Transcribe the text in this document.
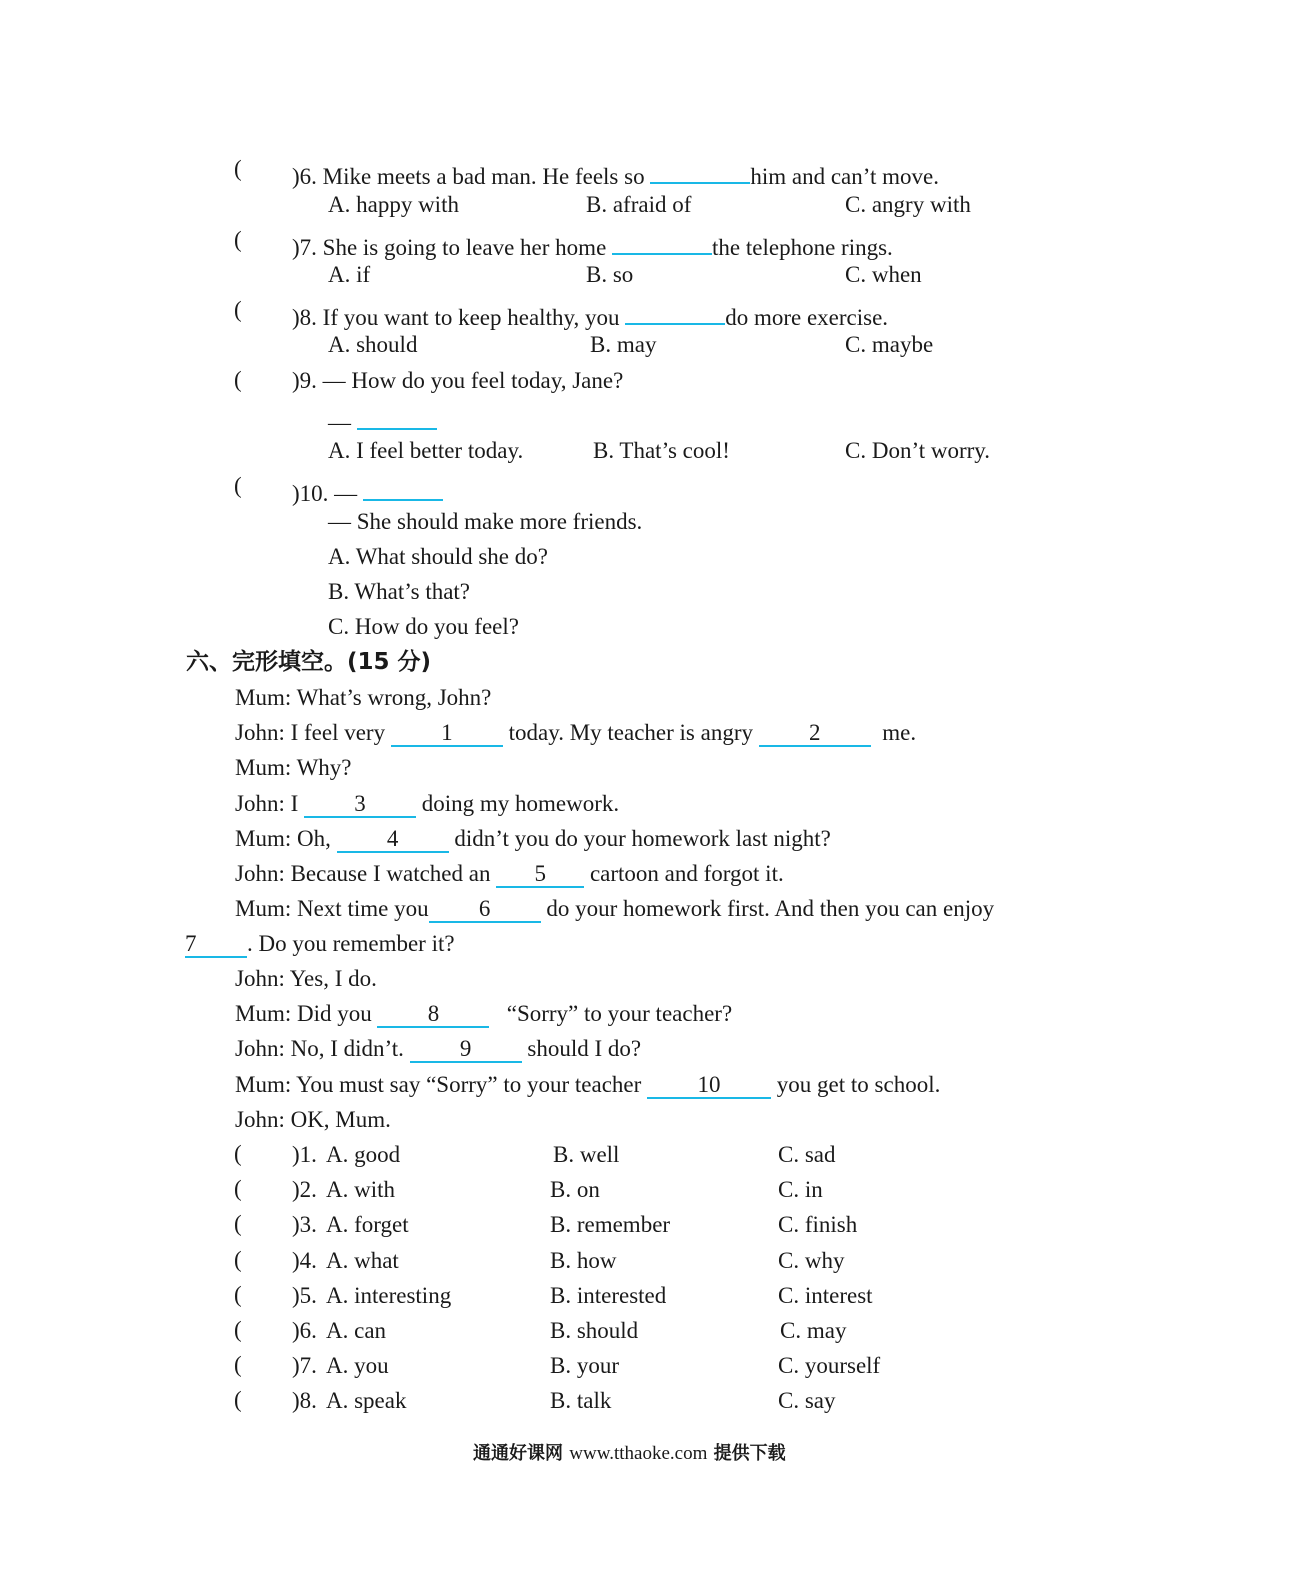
( )6. Mike meets a bad man. He feels so	him and can’t move.
A. happy with	B. afraid of	C. angry with
( )7. She is going to leave her home	the telephone rings.
A. if	B. so	C. when
( )8. If you want to keep healthy, you	do more exercise.
A. should	B. may	C. maybe
( )9. — How do you feel today, Jane?
—
A. I feel better today.	B. That’s cool!	C. Don’t worry.
( )10. —
— She should make more friends.
A. What should she do?
B. What’s that?
C. How do you feel?
六、完形填空。(15 分)
Mum: What’s wrong, John?
John: I feel very 1 today. My teacher is angry 2	me.
Mum: Why?
John: I 3 doing my homework.
Mum: Oh, 4 didn’t you do your homework last night?
John: Because I watched an 5 cartoon and forgot it.
Mum: Next time you 6 do your homework first. And then you can enjoy
7 . Do you remember it?
John: Yes, I do.
Mum: Did you 8	“Sorry” to your teacher?
John: No, I didn’t. 9 should I do?
Mum: You must say “Sorry” to your teacher 10 you get to school.
John: OK, Mum.
( )1. A. good	B. well	C. sad
( )2. A. with	B. on	C. in
( )3. A. forget	B. remember	C. finish
( )4. A. what	B. how	C. why
( )5. A. interesting	B. interested	C. interest
( )6. A. can	B. should	C. may
( )7. A. you	B. your	C. yourself
( )8. A. speak	B. talk	C. say
通通好课网 www.tthaoke.com 提供下载
